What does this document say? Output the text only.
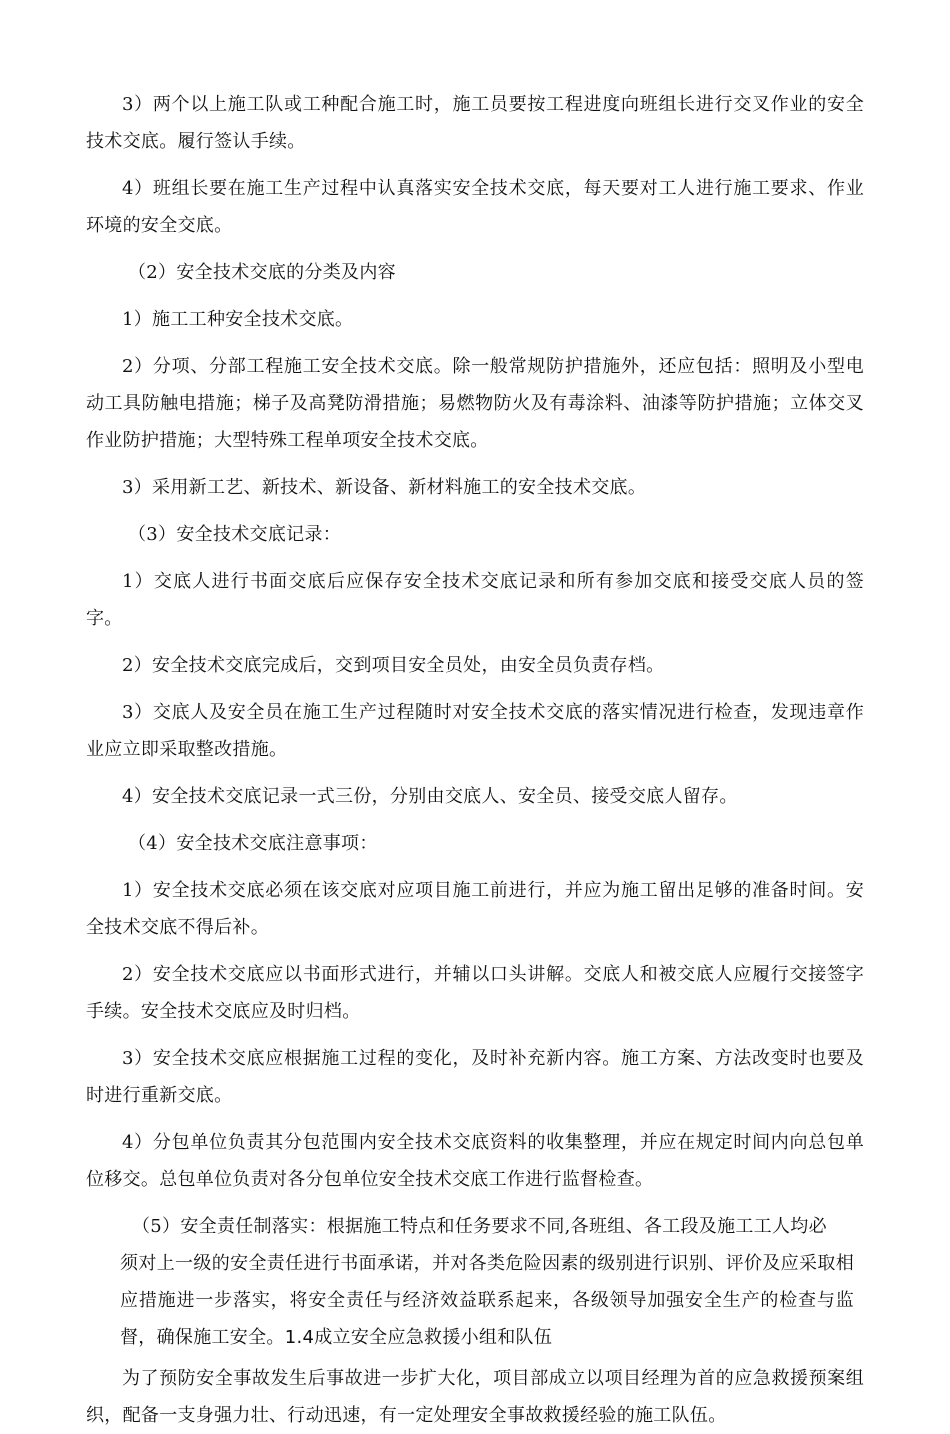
3）两个以上施工队或工种配合施工时，施工员要按工程进度向班组长进行交叉作业的安全技术交底。履行签认手续。

4）班组长要在施工生产过程中认真落实安全技术交底，每天要对工人进行施工要求、作业环境的安全交底。

（2）安全技术交底的分类及内容

1）施工工种安全技术交底。

2）分项、分部工程施工安全技术交底。除一般常规防护措施外，还应包括：照明及小型电动工具防触电措施；梯子及高凳防滑措施；易燃物防火及有毒涂料、油漆等防护措施；立体交叉作业防护措施；大型特殊工程单项安全技术交底。

3）采用新工艺、新技术、新设备、新材料施工的安全技术交底。

（3）安全技术交底记录：

1）交底人进行书面交底后应保存安全技术交底记录和所有参加交底和接受交底人员的签字。

2）安全技术交底完成后，交到项目安全员处，由安全员负责存档。

3）交底人及安全员在施工生产过程随时对安全技术交底的落实情况进行检查，发现违章作业应立即采取整改措施。

4）安全技术交底记录一式三份，分别由交底人、安全员、接受交底人留存。

（4）安全技术交底注意事项：

1）安全技术交底必须在该交底对应项目施工前进行，并应为施工留出足够的准备时间。安全技术交底不得后补。

2）安全技术交底应以书面形式进行，并辅以口头讲解。交底人和被交底人应履行交接签字手续。安全技术交底应及时归档。

3）安全技术交底应根据施工过程的变化，及时补充新内容。施工方案、方法改变时也要及时进行重新交底。

4）分包单位负责其分包范围内安全技术交底资料的收集整理，并应在规定时间内向总包单位移交。总包单位负责对各分包单位安全技术交底工作进行监督检查。

（5）安全责任制落实：根据施工特点和任务要求不同,各班组、各工段及施工工人均必
须对上一级的安全责任进行书面承诺，并对各类危险因素的级别进行识别、评价及应采取相应措施进一步落实，将安全责任与经济效益联系起来，各级领导加强安全生产的检查与监督，确保施工安全。1.4成立安全应急救援小组和队伍

为了预防安全事故发生后事故进一步扩大化，项目部成立以项目经理为首的应急救援预案组织，配备一支身强力壮、行动迅速，有一定处理安全事故救援经验的施工队伍。
